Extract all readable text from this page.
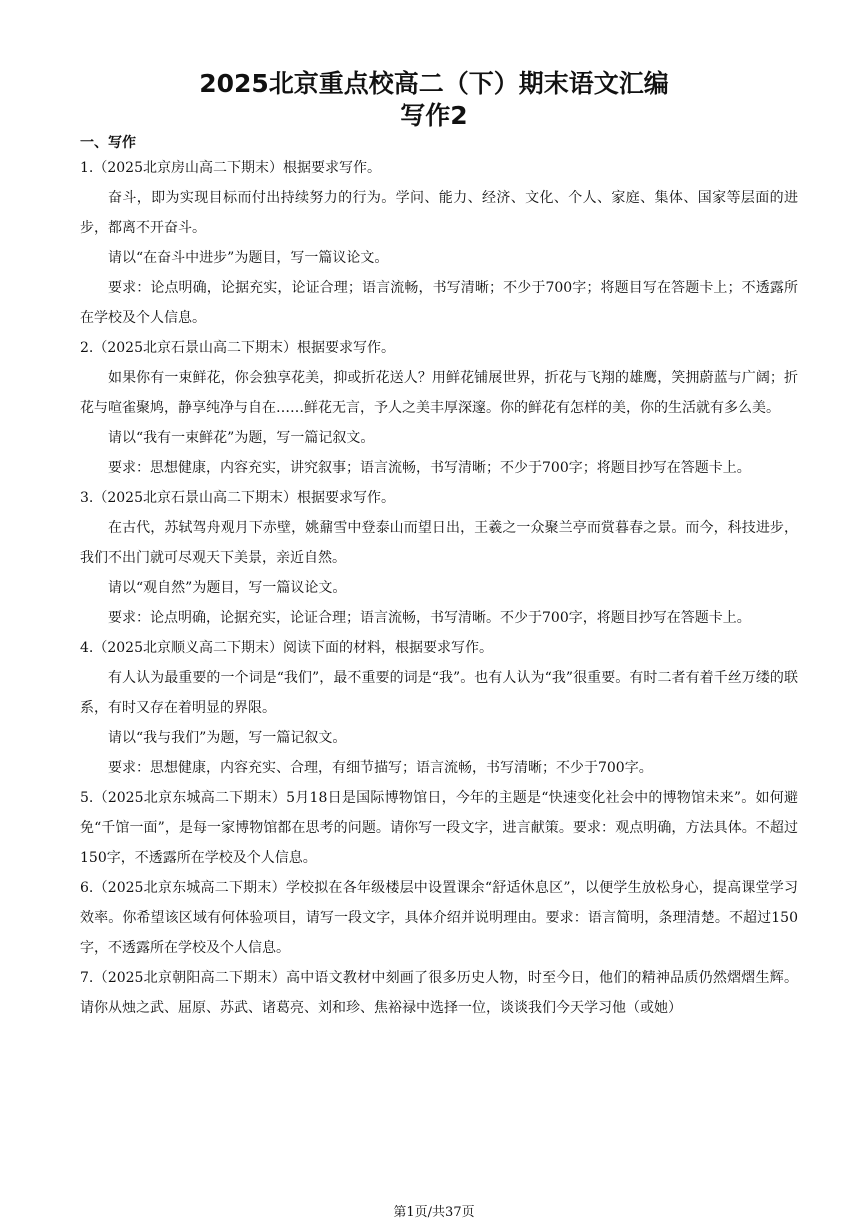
2025北京重点校高二（下）期末语文汇编
写作2

一、写作

1.（2025北京房山高二下期末）根据要求写作。

奋斗，即为实现目标而付出持续努力的行为。学问、能力、经济、文化、个人、家庭、集体、国家等层面的进步，都离不开奋斗。

请以“在奋斗中进步”为题目，写一篇议论文。

要求：论点明确，论据充实，论证合理；语言流畅，书写清晰；不少于700字；将题目写在答题卡上；不透露所在学校及个人信息。

2.（2025北京石景山高二下期末）根据要求写作。

如果你有一束鲜花，你会独享花美，抑或折花送人？用鲜花铺展世界，折花与飞翔的雄鹰，笑拥蔚蓝与广阔；折花与喧雀聚鸠，静享纯净与自在……鲜花无言，予人之美丰厚深邃。你的鲜花有怎样的美，你的生活就有多么美。

请以“我有一束鲜花”为题，写一篇记叙文。

要求：思想健康，内容充实，讲究叙事；语言流畅，书写清晰；不少于700字；将题目抄写在答题卡上。

3.（2025北京石景山高二下期末）根据要求写作。

在古代，苏轼驾舟观月下赤壁，姚鼐雪中登泰山而望日出，王羲之一众聚兰亭而赏暮春之景。而今，科技进步，我们不出门就可尽观天下美景，亲近自然。

请以“观自然”为题目，写一篇议论文。

要求：论点明确，论据充实，论证合理；语言流畅，书写清晰。不少于700字，将题目抄写在答题卡上。

4.（2025北京顺义高二下期末）阅读下面的材料，根据要求写作。

有人认为最重要的一个词是“我们”，最不重要的词是“我”。也有人认为“我”很重要。有时二者有着千丝万缕的联系，有时又存在着明显的界限。

请以“我与我们”为题，写一篇记叙文。

要求：思想健康，内容充实、合理，有细节描写；语言流畅，书写清晰；不少于700字。

5.（2025北京东城高二下期末）5月18日是国际博物馆日，今年的主题是“快速变化社会中的博物馆未来”。如何避免“千馆一面”，是每一家博物馆都在思考的问题。请你写一段文字，进言献策。要求：观点明确，方法具体。不超过150字，不透露所在学校及个人信息。

6.（2025北京东城高二下期末）学校拟在各年级楼层中设置课余“舒适休息区”，以便学生放松身心，提高课堂学习效率。你希望该区域有何体验项目，请写一段文字，具体介绍并说明理由。要求：语言简明，条理清楚。不超过150字，不透露所在学校及个人信息。

7.（2025北京朝阳高二下期末）高中语文教材中刻画了很多历史人物，时至今日，他们的精神品质仍然熠熠生辉。请你从烛之武、屈原、苏武、诸葛亮、刘和珍、焦裕禄中选择一位，谈谈我们今天学习他（或她）

第1页/共37页
